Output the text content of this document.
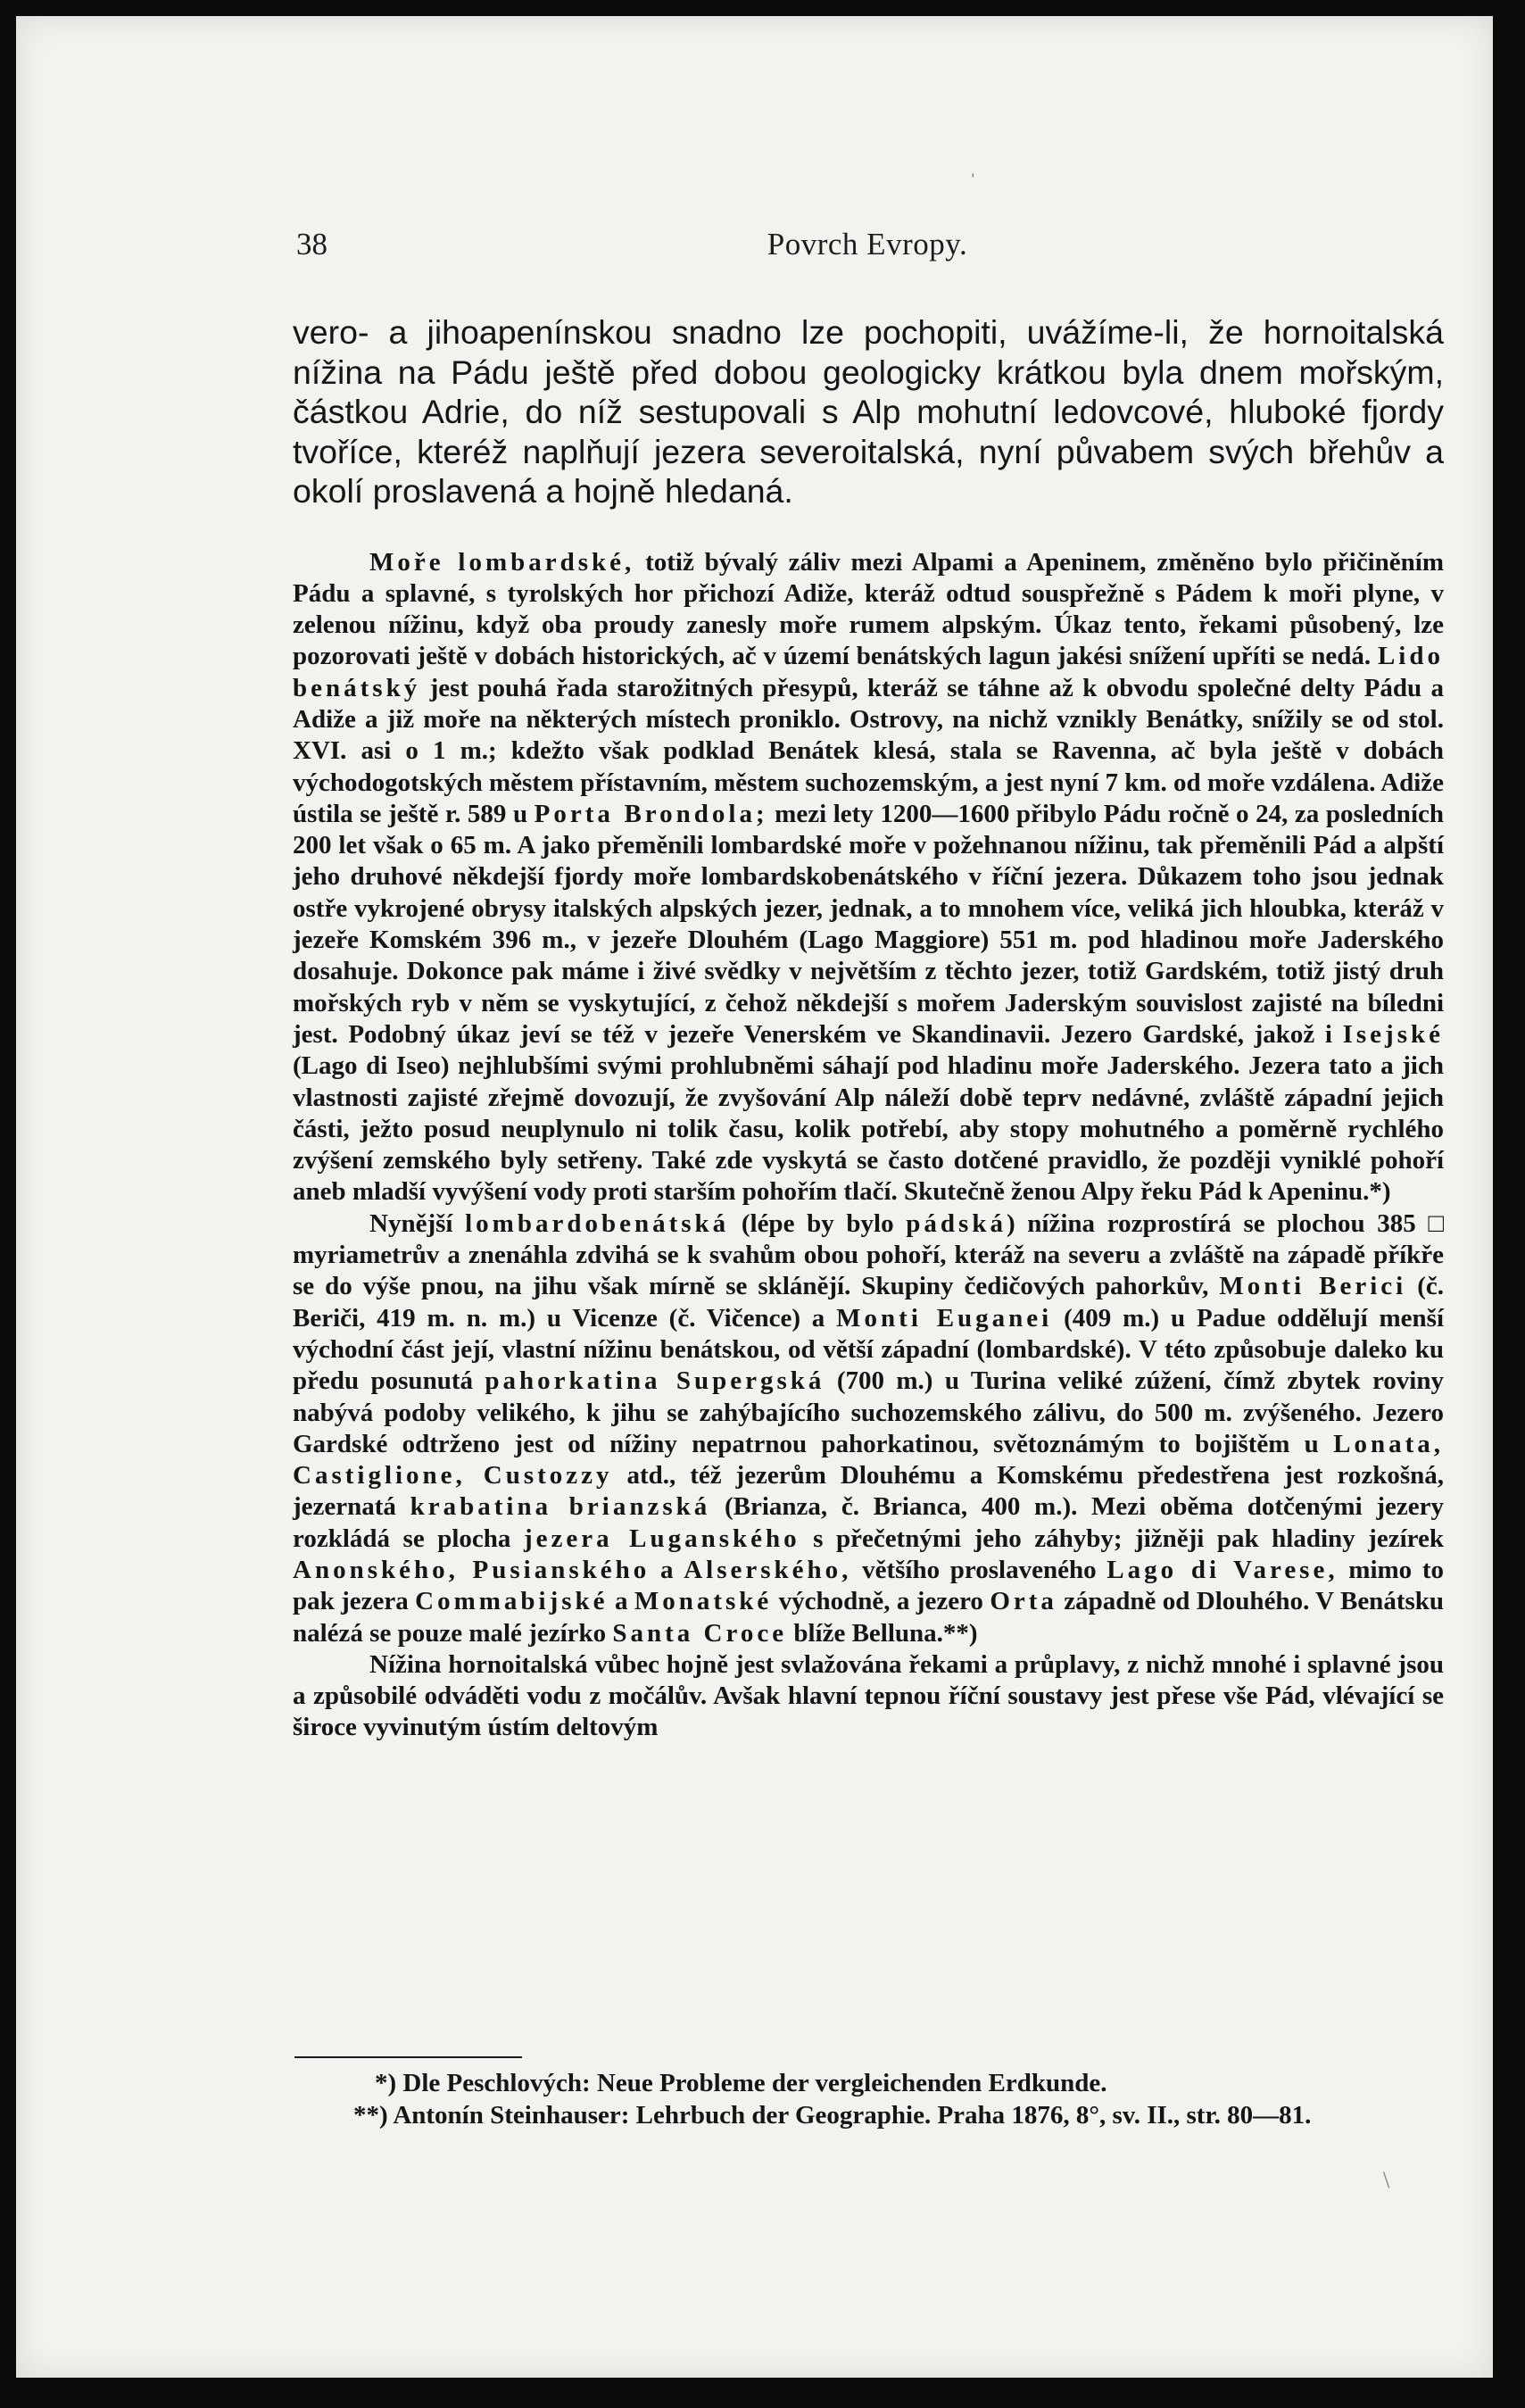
38	Povrch Evropy.

vero- a jihoapenínskou snadno lze pochopiti, uvážíme-li, že hornoitalská nížina na Pádu ještě před dobou geologicky krátkou byla dnem mořským, částkou Adrie, do níž sestupovali s Alp mohutní ledovcové, hluboké fjordy tvoříce, kteréž naplňují jezera severoitalská, nyní půvabem svých břehův a okolí proslavená a hojně hledaná.

Moře lombardské, totiž bývalý záliv mezi Alpami a Apeninem, změněno bylo přičiněním Pádu a splavné, s tyrolských hor přichozí Adiže, kteráž odtud souspřežně s Pádem k moři plyne, v zelenou nížinu, když oba proudy zanesly moře rumem alpským. Úkaz tento, řekami působený, lze pozorovati ještě v dobách historických, ač v území benátských lagun jakési snížení upříti se nedá. Lido benátský jest pouhá řada starožitných přesypů, kteráž se táhne až k obvodu společné delty Pádu a Adiže a již moře na některých místech proniklo. Ostrovy, na nichž vznikly Benátky, snížily se od stol. XVI. asi o 1 m.; kdežto však podklad Benátek klesá, stala se Ravenna, ač byla ještě v dobách východogotských městem přístavním, městem suchozemským, a jest nyní 7 km. od moře vzdálena. Adiže ústila se ještě r. 589 u Porta Brondola; mezi lety 1200—1600 přibylo Pádu ročně o 24, za posledních 200 let však o 65 m. A jako přeměnili lombardské moře v požehnanou nížinu, tak přeměnili Pád a alpští jeho druhové někdejší fjordy moře lombardskobenátského v říční jezera. Důkazem toho jsou jednak ostře vykrojené obrysy italských alpských jezer, jednak, a to mnohem více, veliká jich hloubka, kteráž v jezeře Komském 396 m., v jezeře Dlouhém (Lago Maggiore) 551 m. pod hladinou moře Jaderského dosahuje. Dokonce pak máme i živé svědky v největším z těchto jezer, totiž Gardském, totiž jistý druh mořských ryb v něm se vyskytující, z čehož někdejší s mořem Jaderským souvislost zajisté na bíledni jest. Podobný úkaz jeví se též v jezeře Venerském ve Skandinavii. Jezero Gardské, jakož i Isejské (Lago di Iseo) nejhlubšími svými prohlubněmi sáhají pod hladinu moře Jaderského. Jezera tato a jich vlastnosti zajisté zřejmě dovozují, že zvyšování Alp náleží době teprv nedávné, zvláště západní jejich části, ježto posud neuplynulo ni tolik času, kolik potřebí, aby stopy mohutného a poměrně rychlého zvýšení zemského byly setřeny. Také zde vyskytá se často dotčené pravidlo, že později vyniklé pohoří aneb mladší vyvýšení vody proti starším pohořím tlačí. Skutečně ženou Alpy řeku Pád k Apeninu.*)

Nynější lombardobenátská (lépe by bylo pádská) nížina rozprostírá se plochou 385 □ myriametrův a znenáhla zdvihá se k svahům obou pohoří, kteráž na severu a zvláště na západě příkře se do výše pnou, na jihu však mírně se sklánějí. Skupiny čedičových pahorkův, Monti Berici (č. Beriči, 419 m. n. m.) u Vicenze (č. Vičence) a Monti Euganei (409 m.) u Padue oddělují menší východní část její, vlastní nížinu benátskou, od větší západní (lombardské). V této způsobuje daleko ku předu posunutá pahorkatina Supergská (700 m.) u Turina veliké zúžení, čímž zbytek roviny nabývá podoby velikého, k jihu se zahýbajícího suchozemského zálivu, do 500 m. zvýšeného. Jezero Gardské odtrženo jest od nížiny nepatrnou pahorkatinou, světoznámým to bojištěm u Lonata, Castiglione, Custozzy atd., též jezerům Dlouhému a Komskému předestřena jest rozkošná, jezernatá krabatina brianzská (Brianza, č. Brianca, 400 m.). Mezi oběma dotčenými jezery rozkládá se plocha jezera Luganského s přečetnými jeho záhyby; jižněji pak hladiny jezírek Anonského, Pusianského a Alserského, většího proslaveného Lago di Varese, mimo to pak jezera Commabijské a Monatské východně, a jezero Orta západně od Dlouhého. V Benátsku nalézá se pouze malé jezírko Santa Croce blíže Belluna.**)

Nížina hornoitalská vůbec hojně jest svlažována řekami a průplavy, z nichž mnohé i splavné jsou a způsobilé odváděti vodu z močálův. Avšak hlavní tepnou říční soustavy jest přese vše Pád, vlévající se široce vyvinutým ústím deltovým

*) Dle Peschlových: Neue Probleme der vergleichenden Erdkunde.
**) Antonín Steinhauser: Lehrbuch der Geographie. Praha 1876, 8°, sv. II., str. 80—81.
ˌ
\
